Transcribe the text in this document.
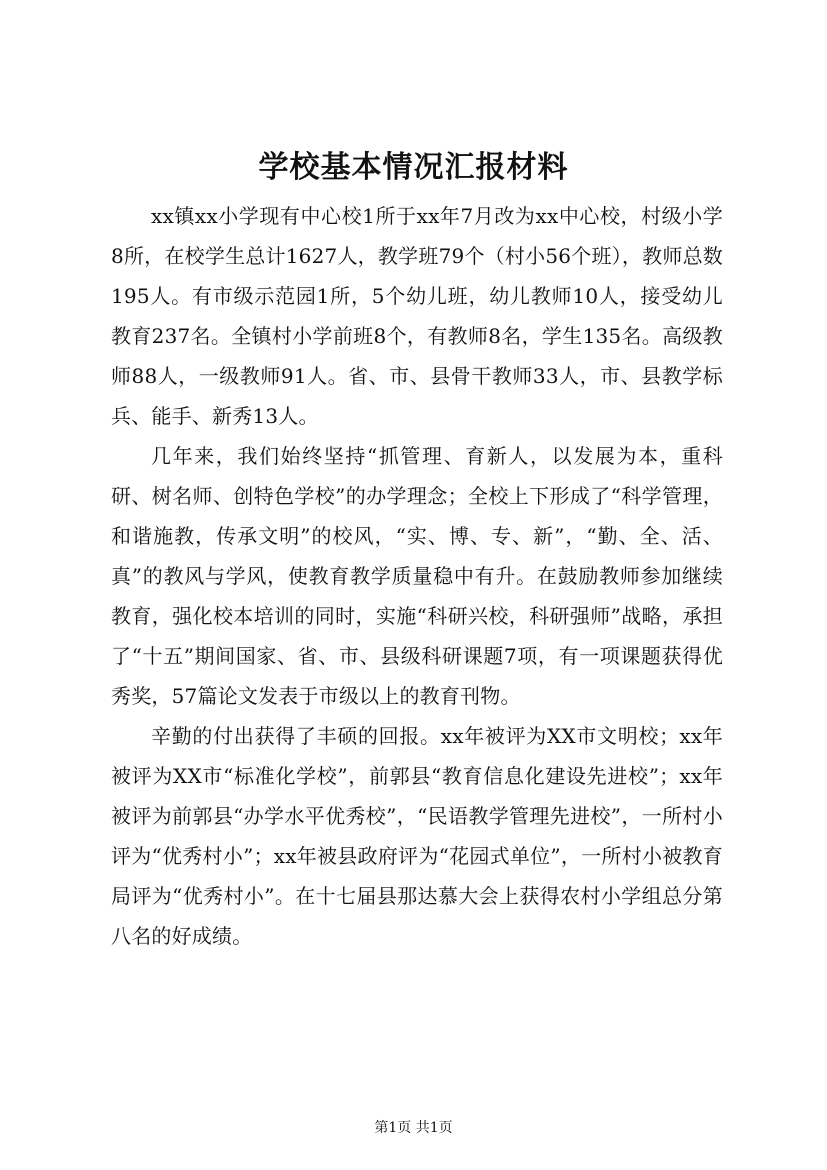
学校基本情况汇报材料

xx镇xx小学现有中心校1所于xx年7月改为xx中心校，村级小学8所，在校学生总计1627人，教学班79个（村小56个班），教师总数195人。有市级示范园1所，5个幼儿班，幼儿教师10人，接受幼儿教育237名。全镇村小学前班8个，有教师8名，学生135名。高级教师88人，一级教师91人。省、市、县骨干教师33人，市、县教学标兵、能手、新秀13人。

几年来，我们始终坚持“抓管理、育新人，以发展为本，重科研、树名师、创特色学校”的办学理念；全校上下形成了“科学管理，和谐施教，传承文明”的校风，“实、博、专、新”，“勤、全、活、真”的教风与学风，使教育教学质量稳中有升。在鼓励教师参加继续教育，强化校本培训的同时，实施“科研兴校，科研强师”战略，承担了“十五”期间国家、省、市、县级科研课题7项，有一项课题获得优秀奖，57篇论文发表于市级以上的教育刊物。

辛勤的付出获得了丰硕的回报。xx年被评为XX市文明校；xx年被评为XX市“标准化学校”，前郭县“教育信息化建设先进校”；xx年被评为前郭县“办学水平优秀校”，“民语教学管理先进校”，一所村小评为“优秀村小”；xx年被县政府评为“花园式单位”，一所村小被教育局评为“优秀村小”。在十七届县那达慕大会上获得农村小学组总分第八名的好成绩。

第1页 共1页
